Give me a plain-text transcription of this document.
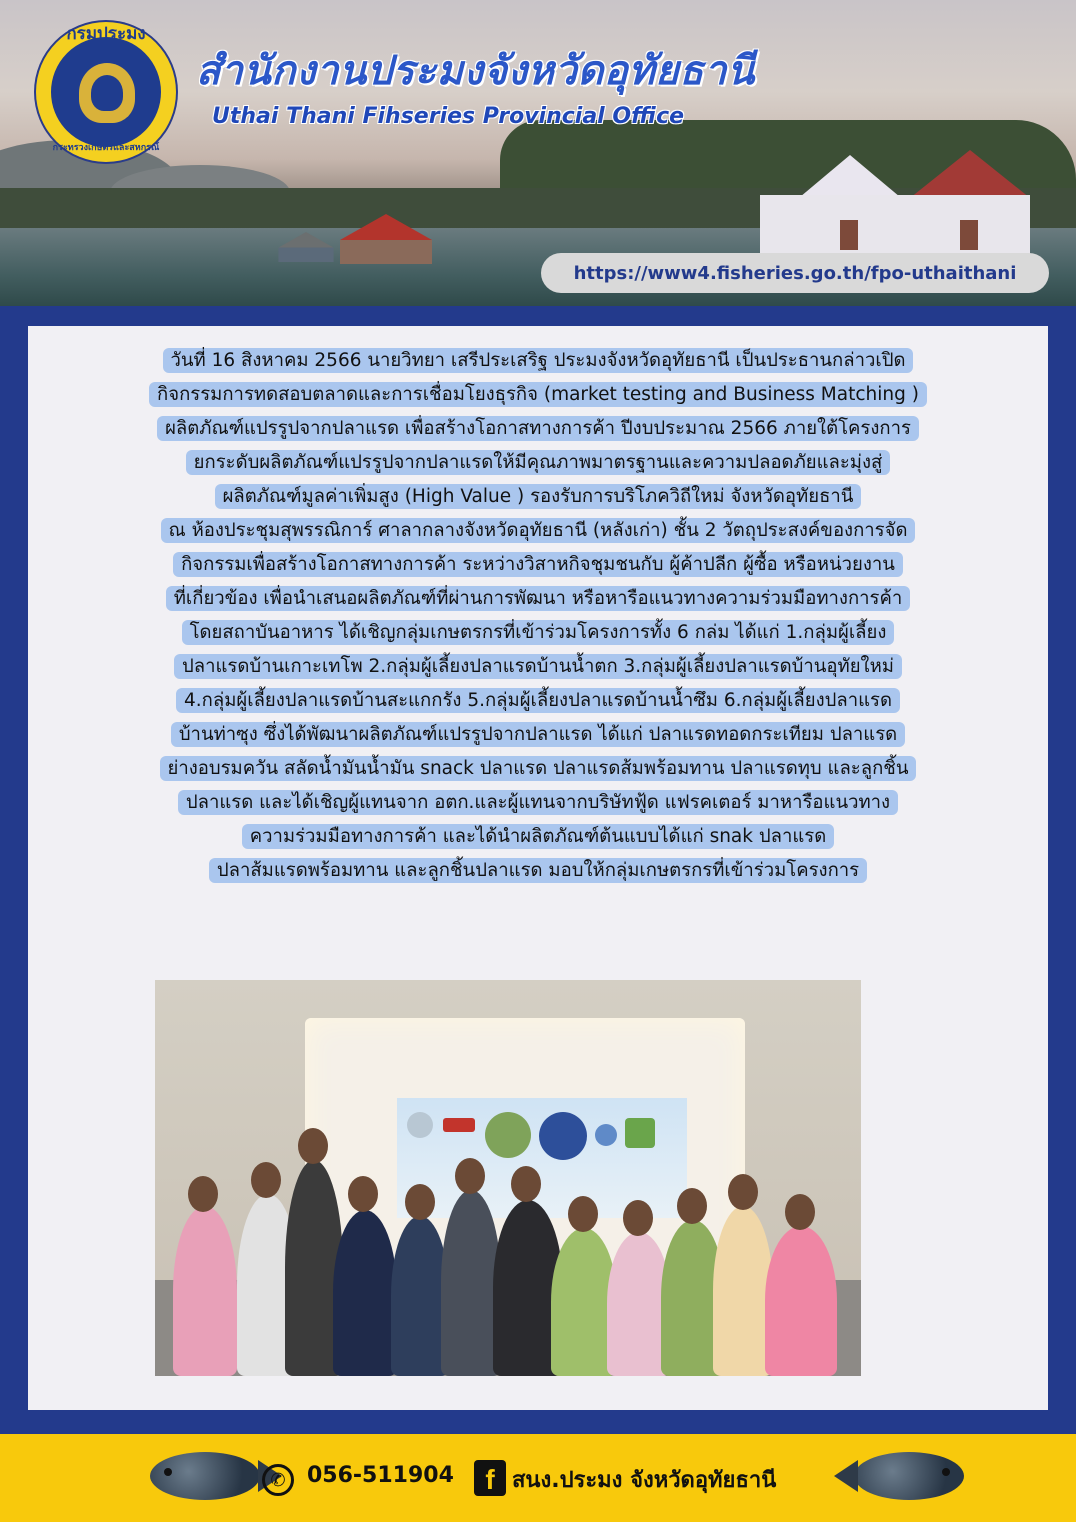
กรมประมง
กระทรวงเกษตรและสหกรณ์
สำนักงานประมงจังหวัดอุทัยธานี
Uthai Thani Fihseries Provincial Office
https://www4.fisheries.go.th/fpo-uthaithani
วันที่ 16 สิงหาคม 2566 นายวิทยา เสรีประเสริฐ ประมงจังหวัดอุทัยธานี เป็นประธานกล่าวเปิด
กิจกรรมการทดสอบตลาดและการเชื่อมโยงธุรกิจ (market testing and Business Matching )
ผลิตภัณฑ์แปรรูปจากปลาแรด เพื่อสร้างโอกาสทางการค้า ปีงบประมาณ 2566 ภายใต้โครงการ
ยกระดับผลิตภัณฑ์แปรรูปจากปลาแรดให้มีคุณภาพมาตรฐานและความปลอดภัยและมุ่งสู่
ผลิตภัณฑ์มูลค่าเพิ่มสูง (High Value ) รองรับการบริโภควิถีใหม่ จังหวัดอุทัยธานี
ณ ห้องประชุมสุพรรณิการ์ ศาลากลางจังหวัดอุทัยธานี (หลังเก่า) ชั้น 2 วัตถุประสงค์ของการจัด
กิจกรรมเพื่อสร้างโอกาสทางการค้า ระหว่างวิสาหกิจชุมชนกับ ผู้ค้าปลีก ผู้ซื้อ หรือหน่วยงาน
ที่เกี่ยวข้อง เพื่อนำเสนอผลิตภัณฑ์ที่ผ่านการพัฒนา หรือหารือแนวทางความร่วมมือทางการค้า
โดยสถาบันอาหาร ได้เชิญกลุ่มเกษตรกรที่เข้าร่วมโครงการทั้ง 6 กล่ม ได้แก่ 1.กลุ่มผู้เลี้ยง
ปลาแรดบ้านเกาะเทโพ 2.กลุ่มผู้เลี้ยงปลาแรดบ้านน้ำตก 3.กลุ่มผู้เลี้ยงปลาแรดบ้านอุทัยใหม่
4.กลุ่มผู้เลี้ยงปลาแรดบ้านสะแกกรัง 5.กลุ่มผู้เลี้ยงปลาแรดบ้านน้ำซึม 6.กลุ่มผู้เลี้ยงปลาแรด
บ้านท่าซุง ซึ่งได้พัฒนาผลิตภัณฑ์แปรรูปจากปลาแรด ได้แก่ ปลาแรดทอดกระเทียม ปลาแรด
ย่างอบรมควัน สลัดน้ำมันน้ำมัน snack ปลาแรด ปลาแรดส้มพร้อมทาน ปลาแรดทุบ และลูกชิ้น
ปลาแรด และได้เชิญผู้แทนจาก อตก.และผู้แทนจากบริษัทฟู้ด แฟรคเตอร์ มาหารือแนวทาง
ความร่วมมือทางการค้า และได้นำผลิตภัณฑ์ต้นแบบได้แก่ snak ปลาแรด
ปลาส้มแรดพร้อมทาน และลูกชิ้นปลาแรด มอบให้กลุ่มเกษตรกรที่เข้าร่วมโครงการ
✆ 056-511904	f สนง.ประมง จังหวัดอุทัยธานี
